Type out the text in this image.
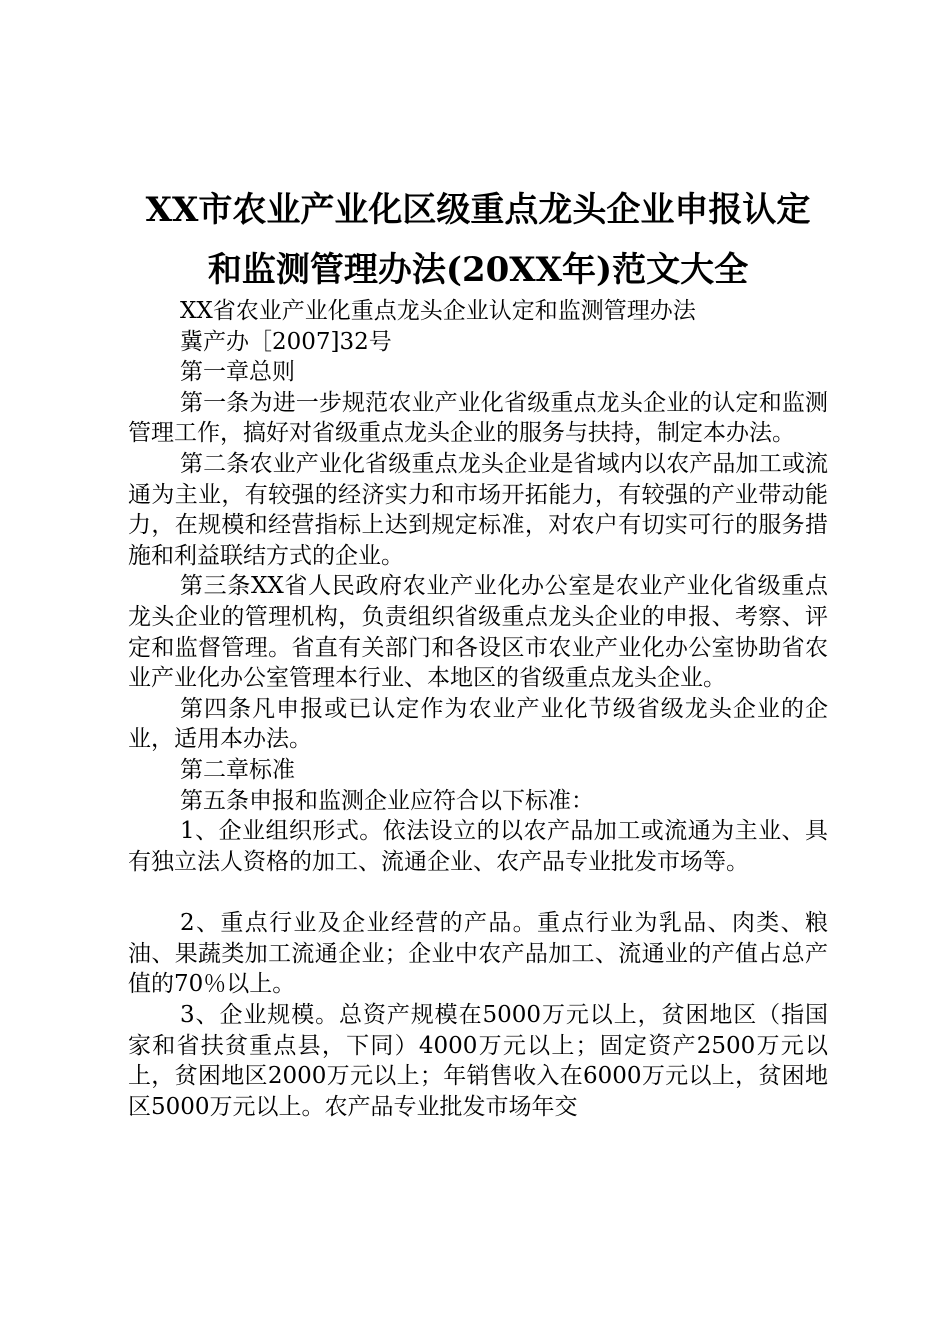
XX市农业产业化区级重点龙头企业申报认定
和监测管理办法(20XX年)范文大全

XX省农业产业化重点龙头企业认定和监测管理办法

冀产办［2007]32号

第一章总则

第一条为进一步规范农业产业化省级重点龙头企业的认定和监测管理工作，搞好对省级重点龙头企业的服务与扶持，制定本办法。

第二条农业产业化省级重点龙头企业是省域内以农产品加工或流通为主业，有较强的经济实力和市场开拓能力，有较强的产业带动能力，在规模和经营指标上达到规定标准，对农户有切实可行的服务措施和利益联结方式的企业。

第三条XX省人民政府农业产业化办公室是农业产业化省级重点龙头企业的管理机构，负责组织省级重点龙头企业的申报、考察、评定和监督管理。省直有关部门和各设区市农业产业化办公室协助省农业产业化办公室管理本行业、本地区的省级重点龙头企业。

第四条凡申报或已认定作为农业产业化节级省级龙头企业的企业，适用本办法。

第二章标准

第五条申报和监测企业应符合以下标准：

1、企业组织形式。依法设立的以农产品加工或流通为主业、具有独立法人资格的加工、流通企业、农产品专业批发市场等。

2、重点行业及企业经营的产品。重点行业为乳品、肉类、粮油、果蔬类加工流通企业；企业中农产品加工、流通业的产值占总产值的70％以上。

3、企业规模。总资产规模在5000万元以上，贫困地区（指国家和省扶贫重点县，下同）4000万元以上；固定资产2500万元以上，贫困地区2000万元以上；年销售收入在6000万元以上，贫困地区5000万元以上。农产品专业批发市场年交
